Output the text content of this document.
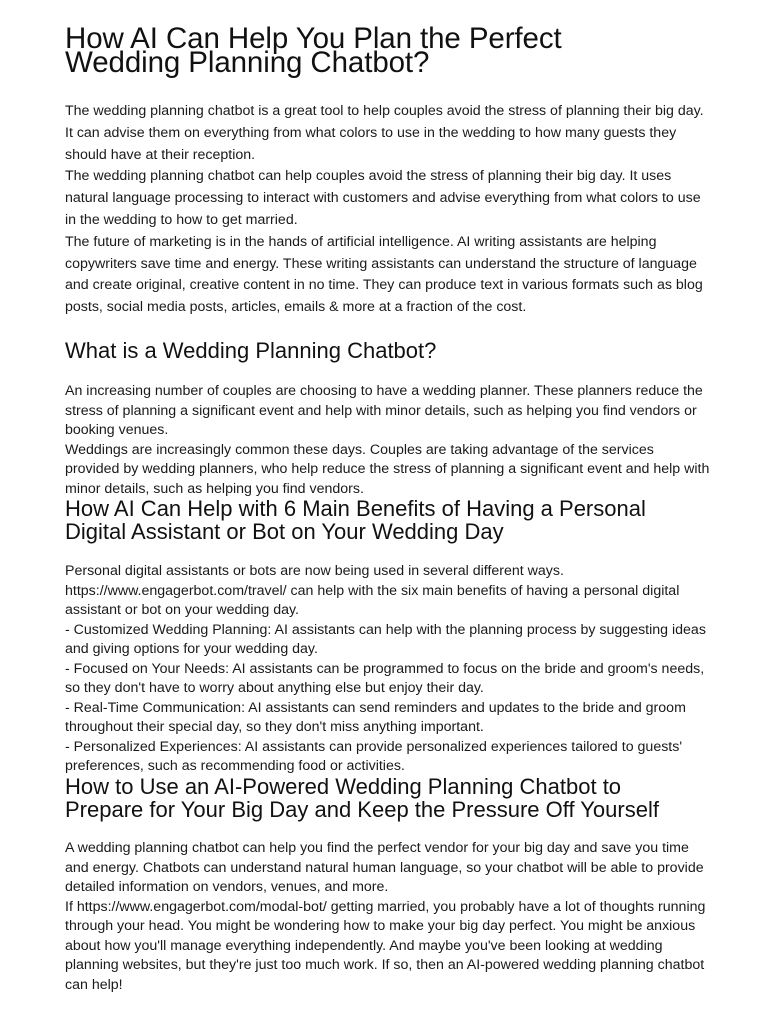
How AI Can Help You Plan the Perfect
Wedding Planning Chatbot?

The wedding planning chatbot is a great tool to help couples avoid the stress of planning their big day. It can advise them on everything from what colors to use in the wedding to how many guests they should have at their reception.

The wedding planning chatbot can help couples avoid the stress of planning their big day. It uses natural language processing to interact with customers and advise everything from what colors to use in the wedding to how to get married.

The future of marketing is in the hands of artificial intelligence. AI writing assistants are helping copywriters save time and energy. These writing assistants can understand the structure of language and create original, creative content in no time. They can produce text in various formats such as blog posts, social media posts, articles, emails & more at a fraction of the cost.

What is a Wedding Planning Chatbot?

An increasing number of couples are choosing to have a wedding planner. These planners reduce the stress of planning a significant event and help with minor details, such as helping you find vendors or booking venues.

Weddings are increasingly common these days. Couples are taking advantage of the services provided by wedding planners, who help reduce the stress of planning a significant event and help with minor details, such as helping you find vendors.

How AI Can Help with 6 Main Benefits of Having a Personal
Digital Assistant or Bot on Your Wedding Day

Personal digital assistants or bots are now being used in several different ways. https://www.engagerbot.com/travel/ can help with the six main benefits of having a personal digital assistant or bot on your wedding day.

- Customized Wedding Planning: AI assistants can help with the planning process by suggesting ideas and giving options for your wedding day.

- Focused on Your Needs: AI assistants can be programmed to focus on the bride and groom's needs, so they don't have to worry about anything else but enjoy their day.

- Real-Time Communication: AI assistants can send reminders and updates to the bride and groom throughout their special day, so they don't miss anything important.

- Personalized Experiences: AI assistants can provide personalized experiences tailored to guests' preferences, such as recommending food or activities.

How to Use an AI-Powered Wedding Planning Chatbot to
Prepare for Your Big Day and Keep the Pressure Off Yourself

A wedding planning chatbot can help you find the perfect vendor for your big day and save you time and energy. Chatbots can understand natural human language, so your chatbot will be able to provide detailed information on vendors, venues, and more.

If https://www.engagerbot.com/modal-bot/ getting married, you probably have a lot of thoughts running through your head. You might be wondering how to make your big day perfect. You might be anxious about how you'll manage everything independently. And maybe you've been looking at wedding planning websites, but they're just too much work. If so, then an AI-powered wedding planning chatbot can help!
